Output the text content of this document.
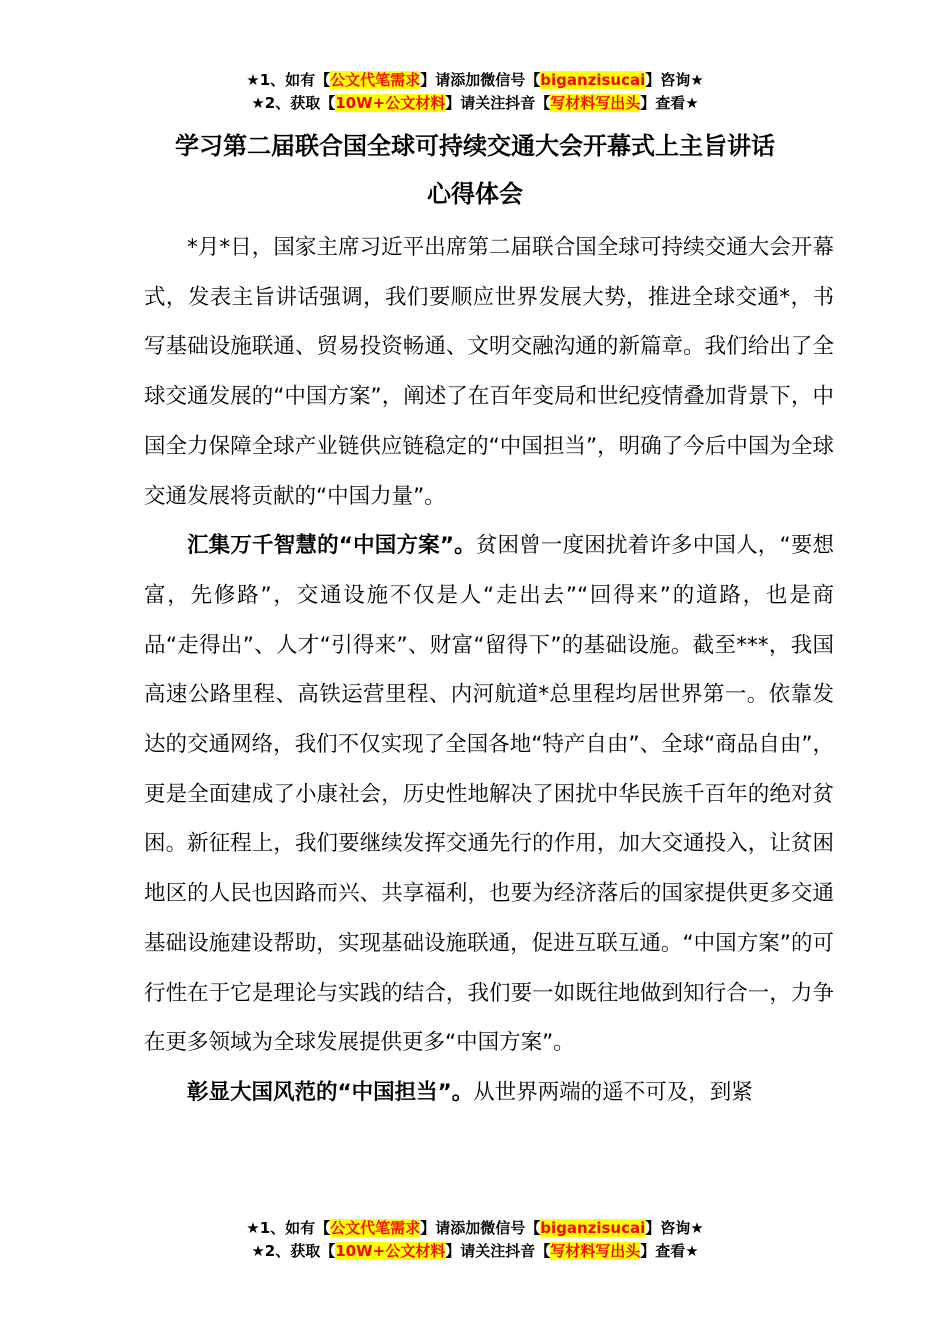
★1、如有【公文代笔需求】请添加微信号【biganzisucai】咨询★
★2、获取【10W+公文材料】请关注抖音【写材料写出头】查看★
学习第二届联合国全球可持续交通大会开幕式上主旨讲话
心得体会

*月*日，国家主席习近平出席第二届联合国全球可持续交通大会开幕式，发表主旨讲话强调，我们要顺应世界发展大势，推进全球交通*，书写基础设施联通、贸易投资畅通、文明交融沟通的新篇章。我们给出了全球交通发展的“中国方案”，阐述了在百年变局和世纪疫情叠加背景下，中国全力保障全球产业链供应链稳定的“中国担当”，明确了今后中国为全球交通发展将贡献的“中国力量”。

汇集万千智慧的“中国方案”。贫困曾一度困扰着许多中国人，“要想富，先修路”，交通设施不仅是人“走出去”“回得来”的道路，也是商品“走得出”、人才“引得来”、财富“留得下”的基础设施。截至***，我国高速公路里程、高铁运营里程、内河航道*总里程均居世界第一。依靠发达的交通网络，我们不仅实现了全国各地“特产自由”、全球“商品自由”，更是全面建成了小康社会，历史性地解决了困扰中华民族千百年的绝对贫困。新征程上，我们要继续发挥交通先行的作用，加大交通投入，让贫困地区的人民也因路而兴、共享福利，也要为经济落后的国家提供更多交通基础设施建设帮助，实现基础设施联通，促进互联互通。“中国方案”的可行性在于它是理论与实践的结合，我们要一如既往地做到知行合一，力争在更多领域为全球发展提供更多“中国方案”。

彰显大国风范的“中国担当”。从世界两端的遥不可及，到紧

★1、如有【公文代笔需求】请添加微信号【biganzisucai】咨询★
★2、获取【10W+公文材料】请关注抖音【写材料写出头】查看★
